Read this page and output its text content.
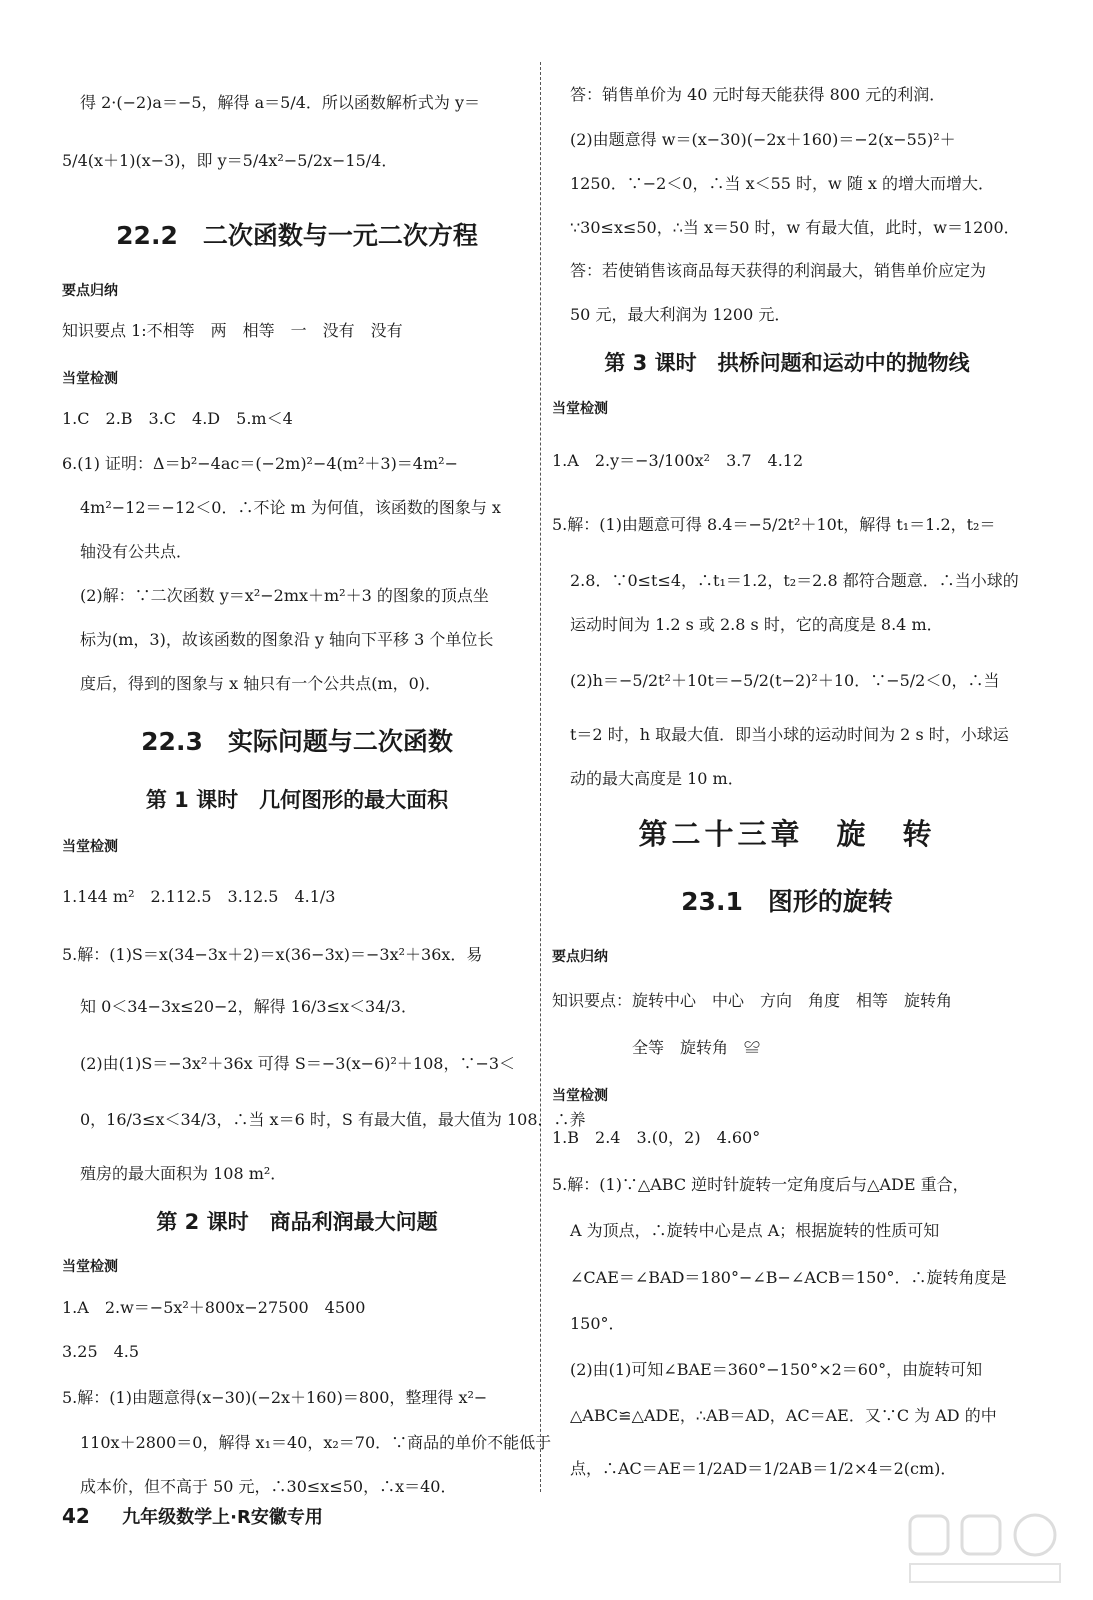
得 2·(−2)a＝−5，解得 a＝5/4．所以函数解析式为 y＝
5/4(x＋1)(x−3)，即 y＝5/4x²−5/2x−15/4．
22.2　二次函数与一元二次方程
要点归纳
知识要点 1:不相等　两　相等　一　没有　没有
当堂检测
1.C　2.B　3.C　4.D　5.m＜4
6.(1) 证明：Δ＝b²−4ac＝(−2m)²−4(m²＋3)＝4m²−
4m²−12＝−12＜0．∴不论 m 为何值，该函数的图象与 x
轴没有公共点．
(2)解：∵二次函数 y＝x²−2mx＋m²＋3 的图象的顶点坐
标为(m，3)，故该函数的图象沿 y 轴向下平移 3 个单位长
度后，得到的图象与 x 轴只有一个公共点(m，0)．
22.3　实际问题与二次函数
第 1 课时　几何图形的最大面积
当堂检测
1.144 m²　2.112.5　3.12.5　4.1/3
5.解：(1)S＝x(34−3x＋2)＝x(36−3x)＝−3x²＋36x．易
知 0＜34−3x≤20−2，解得 16/3≤x＜34/3．
(2)由(1)S＝−3x²＋36x 可得 S＝−3(x−6)²＋108，∵−3＜
0，16/3≤x＜34/3，∴当 x＝6 时，S 有最大值，最大值为 108．∴养
殖房的最大面积为 108 m²．
第 2 课时　商品利润最大问题
当堂检测
1.A　2.w＝−5x²＋800x−27500　4500
3.25　4.5
5.解：(1)由题意得(x−30)(−2x＋160)＝800，整理得 x²−
110x＋2800＝0，解得 x₁＝40，x₂＝70．∵商品的单价不能低于
成本价，但不高于 50 元，∴30≤x≤50，∴x＝40．
答：销售单价为 40 元时每天能获得 800 元的利润．
(2)由题意得 w＝(x−30)(−2x＋160)＝−2(x−55)²＋
1250．∵−2＜0，∴当 x＜55 时，w 随 x 的增大而增大．
∵30≤x≤50，∴当 x＝50 时，w 有最大值，此时，w＝1200．
答：若使销售该商品每天获得的利润最大，销售单价应定为
50 元，最大利润为 1200 元．
第 3 课时　拱桥问题和运动中的抛物线
当堂检测
1.A　2.y＝−3/100x²　3.7　4.12
5.解：(1)由题意可得 8.4＝−5/2t²＋10t，解得 t₁＝1.2，t₂＝
2.8．∵0≤t≤4，∴t₁＝1.2，t₂＝2.8 都符合题意．∴当小球的
运动时间为 1.2 s 或 2.8 s 时，它的高度是 8.4 m．
(2)h＝−5/2t²＋10t＝−5/2(t−2)²＋10．∵−5/2＜0，∴当
t＝2 时，h 取最大值．即当小球的运动时间为 2 s 时，小球运
动的最大高度是 10 m．
第二十三章　旋　转
23.1　图形的旋转
要点归纳
知识要点：旋转中心　中心　方向　角度　相等　旋转角
全等　旋转角　≌
当堂检测
1.B　2.4　3.(0，2)　4.60°
5.解：(1)∵△ABC 逆时针旋转一定角度后与△ADE 重合，
A 为顶点，∴旋转中心是点 A；根据旋转的性质可知
∠CAE＝∠BAD＝180°−∠B−∠ACB＝150°．∴旋转角度是
150°．
(2)由(1)可知∠BAE＝360°−150°×2＝60°，由旋转可知
△ABC≌△ADE，∴AB＝AD，AC＝AE．又∵C 为 AD 的中
点，∴AC＝AE＝1/2AD＝1/2AB＝1/2×4＝2(cm)．
42 九年级数学上·R安徽专用
